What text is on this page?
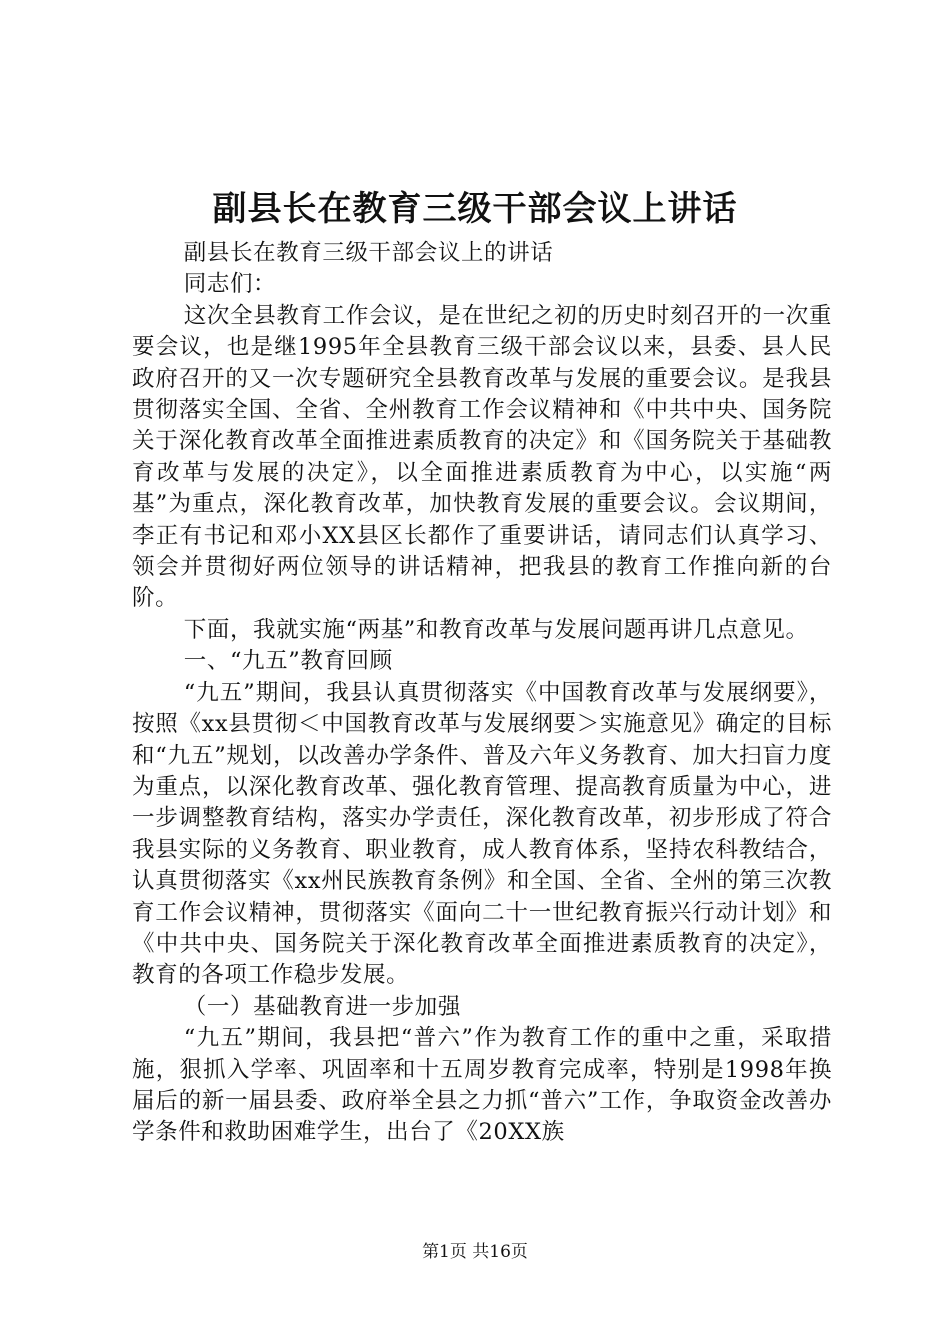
副县长在教育三级干部会议上讲话

副县长在教育三级干部会议上的讲话

同志们：

这次全县教育工作会议，是在世纪之初的历史时刻召开的一次重要会议，也是继1995年全县教育三级干部会议以来，县委、县人民政府召开的又一次专题研究全县教育改革与发展的重要会议。是我县贯彻落实全国、全省、全州教育工作会议精神和《中共中央、国务院关于深化教育改革全面推进素质教育的决定》和《国务院关于基础教育改革与发展的决定》，以全面推进素质教育为中心，以实施“两基”为重点，深化教育改革，加快教育发展的重要会议。会议期间，李正有书记和邓小XX县区长都作了重要讲话，请同志们认真学习、领会并贯彻好两位领导的讲话精神，把我县的教育工作推向新的台阶。

下面，我就实施“两基”和教育改革与发展问题再讲几点意见。

一、“九五”教育回顾

“九五”期间，我县认真贯彻落实《中国教育改革与发展纲要》，按照《xx县贯彻＜中国教育改革与发展纲要＞实施意见》确定的目标和“九五”规划，以改善办学条件、普及六年义务教育、加大扫盲力度为重点，以深化教育改革、强化教育管理、提高教育质量为中心，进一步调整教育结构，落实办学责任，深化教育改革，初步形成了符合我县实际的义务教育、职业教育，成人教育体系，坚持农科教结合，认真贯彻落实《xx州民族教育条例》和全国、全省、全州的第三次教育工作会议精神，贯彻落实《面向二十一世纪教育振兴行动计划》和《中共中央、国务院关于深化教育改革全面推进素质教育的决定》，教育的各项工作稳步发展。

（一）基础教育进一步加强

“九五”期间，我县把“普六”作为教育工作的重中之重，采取措施，狠抓入学率、巩固率和十五周岁教育完成率，特别是1998年换届后的新一届县委、政府举全县之力抓“普六”工作，争取资金改善办学条件和救助困难学生，出台了《20XX族

第1页 共16页
